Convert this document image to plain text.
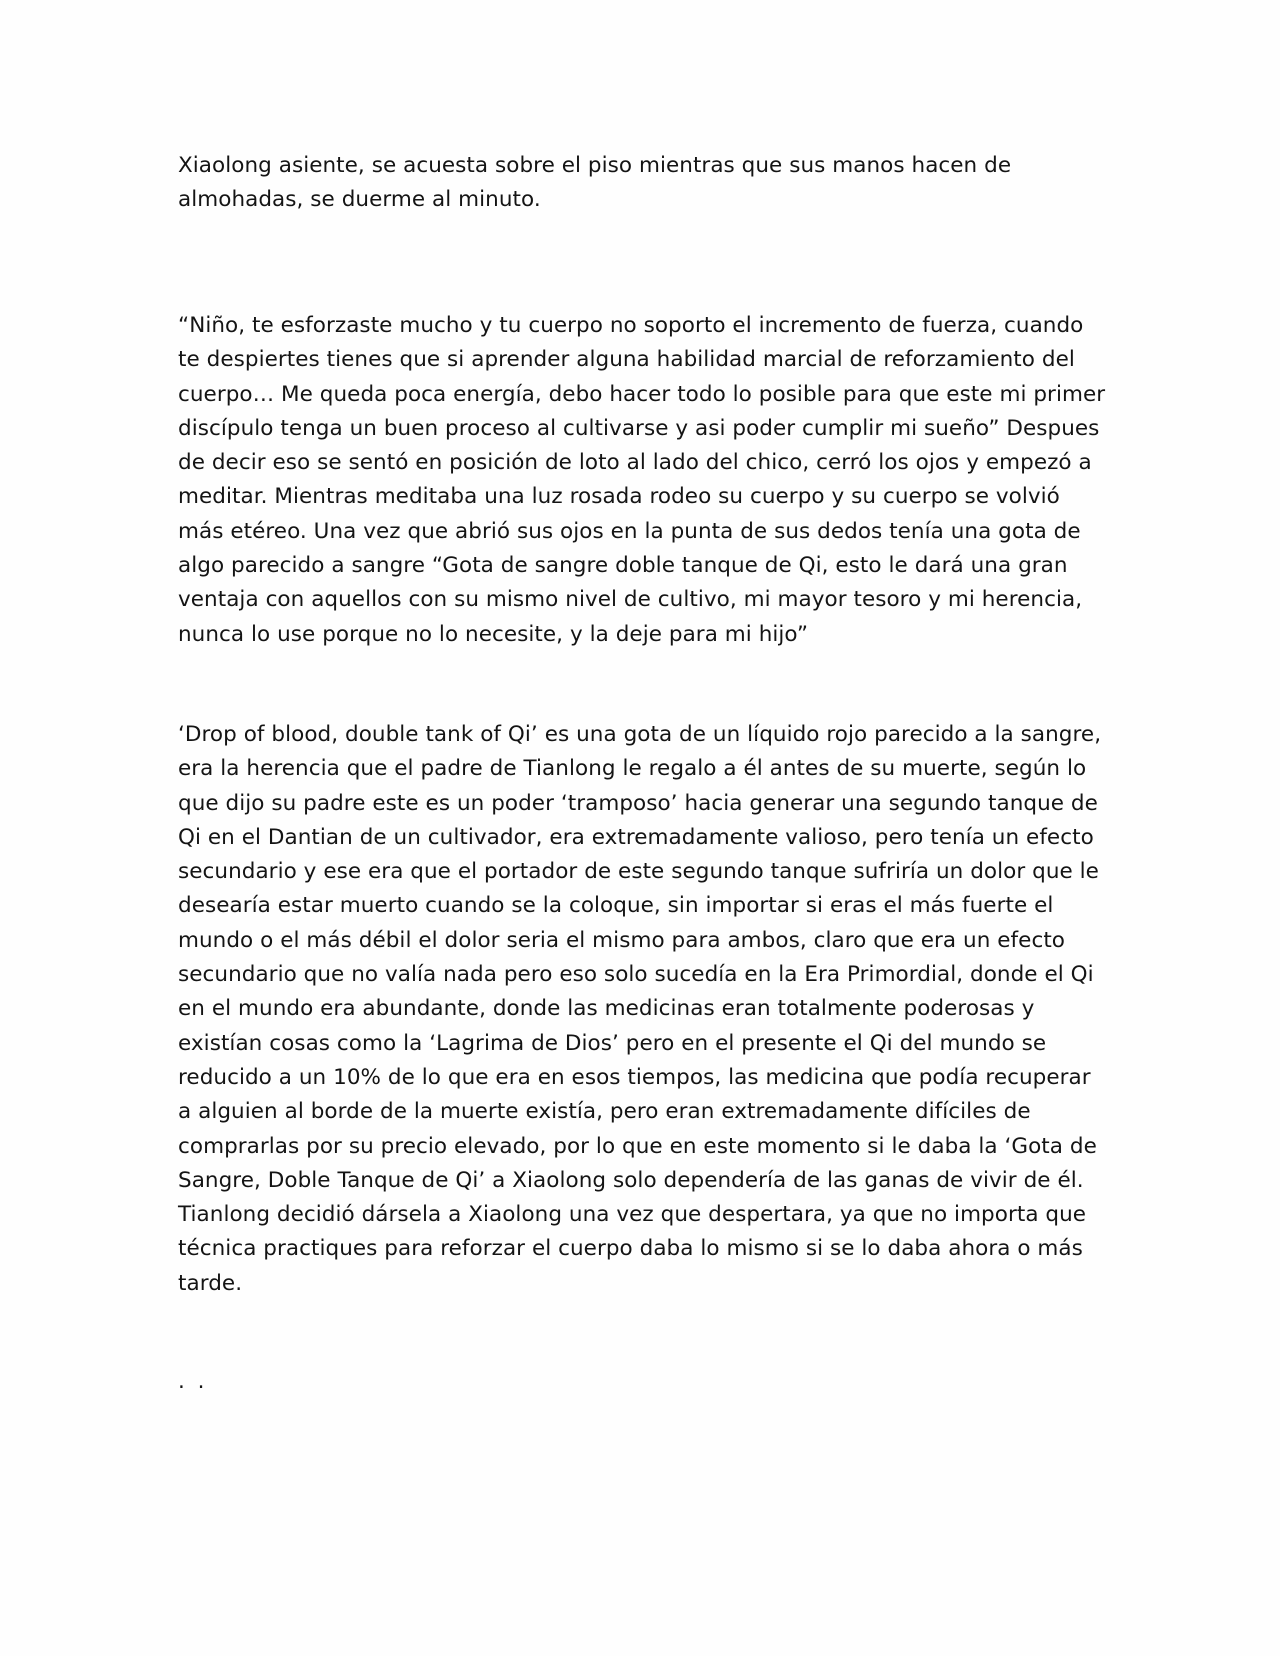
Xiaolong asiente, se acuesta sobre el piso mientras que sus manos hacen de almohadas, se duerme al minuto.

“Niño, te esforzaste mucho y tu cuerpo no soporto el incremento de fuerza, cuando te despiertes tienes que si aprender alguna habilidad marcial de reforzamiento del cuerpo… Me queda poca energía, debo hacer todo lo posible para que este mi primer discípulo tenga un buen proceso al cultivarse y asi poder cumplir mi sueño” Despues de decir eso se sentó en posición de loto al lado del chico, cerró los ojos y empezó a meditar. Mientras meditaba una luz rosada rodeo su cuerpo y su cuerpo se volvió más etéreo. Una vez que abrió sus ojos en la punta de sus dedos tenía una gota de algo parecido a sangre “Gota de sangre doble tanque de Qi, esto le dará una gran ventaja con aquellos con su mismo nivel de cultivo, mi mayor tesoro y mi herencia, nunca lo use porque no lo necesite, y la deje para mi hijo”

‘Drop of blood, double tank of Qi’ es una gota de un líquido rojo parecido a la sangre, era la herencia que el padre de Tianlong le regalo a él antes de su muerte, según lo que dijo su padre este es un poder ‘tramposo’ hacia generar una segundo tanque de Qi en el Dantian de un cultivador, era extremadamente valioso, pero tenía un efecto secundario y ese era que el portador de este segundo tanque sufriría un dolor que le desearía estar muerto cuando se la coloque, sin importar si eras el más fuerte el mundo o el más débil el dolor seria el mismo para ambos, claro que era un efecto secundario que no valía nada pero eso solo sucedía en la Era Primordial, donde el Qi en el mundo era abundante, donde las medicinas eran totalmente poderosas y existían cosas como la ‘Lagrima de Dios’ pero en el presente el Qi del mundo se reducido a un 10% de lo que era en esos tiempos, las medicina que podía recuperar a alguien al borde de la muerte existía, pero eran extremadamente difíciles de comprarlas por su precio elevado, por lo que en este momento si le daba la ‘Gota de Sangre, Doble Tanque de Qi’ a Xiaolong solo dependería de las ganas de vivir de él. Tianlong decidió dársela a Xiaolong una vez que despertara, ya que no importa que técnica practiques para reforzar el cuerpo daba lo mismo si se lo daba ahora o más tarde.

. .
